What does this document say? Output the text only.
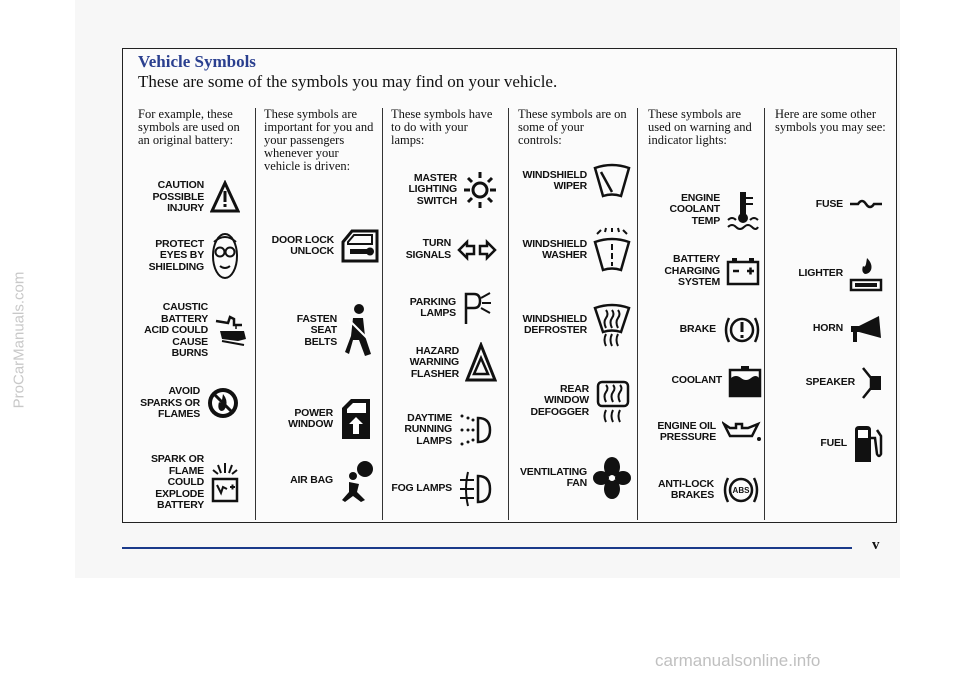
Vehicle Symbols
These are some of the symbols you may find on your vehicle.

For example, these symbols are used on an original battery:

These symbols are important for you and your passengers whenever your vehicle is driven:

These symbols have to do with your lamps:

These symbols are on some of your controls:

These symbols are used on warning and indicator lights:

Here are some other symbols you may see:

CAUTION
POSSIBLE
INJURY
PROTECT
EYES BY
SHIELDING
CAUSTIC
BATTERY
ACID COULD
CAUSE
BURNS
AVOID
SPARKS OR
FLAMES
SPARK OR
FLAME
COULD
EXPLODE
BATTERY
DOOR LOCK
UNLOCK
FASTEN
SEAT
BELTS
POWER
WINDOW
AIR BAG
MASTER
LIGHTING
SWITCH
TURN
SIGNALS
PARKING
LAMPS
HAZARD
WARNING
FLASHER
DAYTIME
RUNNING
LAMPS
FOG LAMPS
WINDSHIELD
WIPER
WINDSHIELD
WASHER
WINDSHIELD
DEFROSTER
REAR
WINDOW
DEFOGGER
VENTILATING
FAN
ENGINE
COOLANT
TEMP
BATTERY
CHARGING
SYSTEM
BRAKE
COOLANT
ENGINE OIL
PRESSURE
ANTI-LOCK
BRAKES ABS
FUSE
LIGHTER
HORN
SPEAKER
FUEL
v
ProCarManuals.com
carmanualsonline.info
